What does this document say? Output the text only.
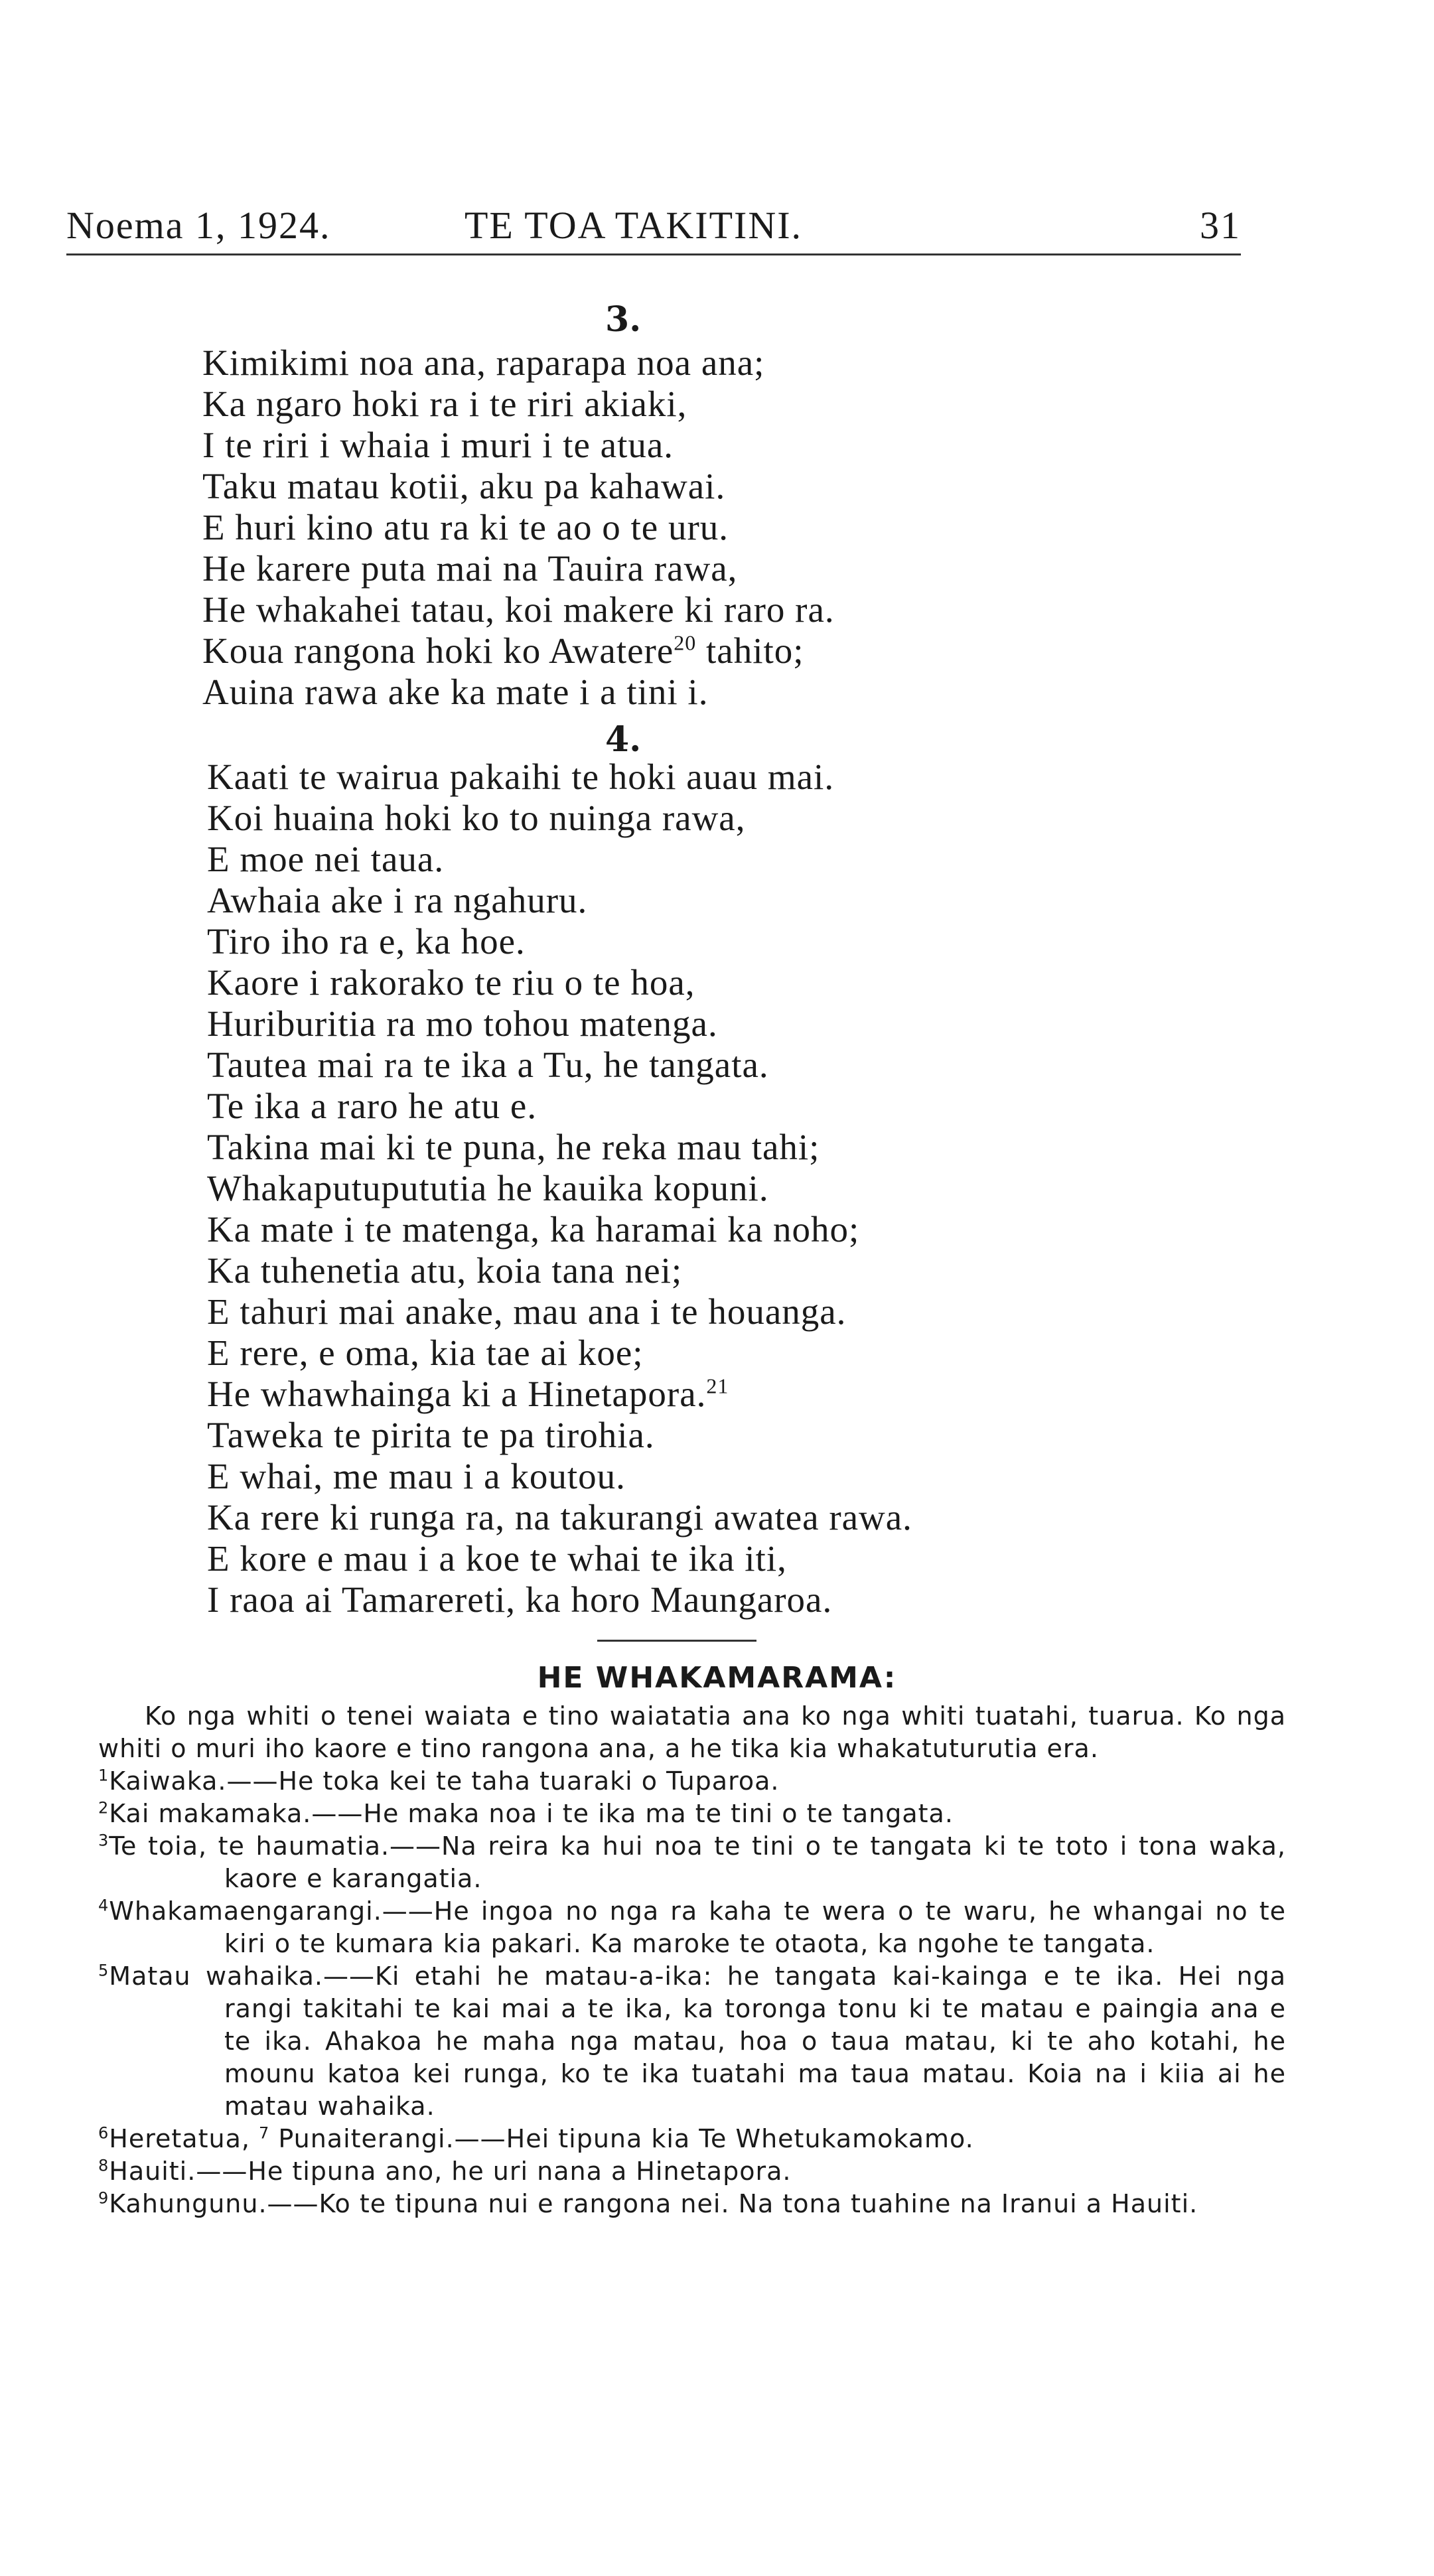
Noema 1, 1924.	TE TOA TAKITINI.	31
3.
Kimikimi noa ana, raparapa noa ana;
Ka ngaro hoki ra i te riri akiaki,
I te riri i whaia i muri i te atua.
Taku matau kotii, aku pa kahawai.
E huri kino atu ra ki te ao o te uru.
He karere puta mai na Tauira rawa,
He whakahei tatau, koi makere ki raro ra.
Koua rangona hoki ko Awatere$^{20}$ tahito;
Auina rawa ake ka mate i a tini i.
4.
Kaati te wairua pakaihi te hoki auau mai.
Koi huaina hoki ko to nuinga rawa,
E moe nei taua.
Awhaia ake i ra ngahuru.
Tiro iho ra e, ka hoe.
Kaore i rakorako te riu o te hoa,
Huriburitia ra mo tohou matenga.
Tautea mai ra te ika a Tu, he tangata.
Te ika a raro he atu e.
Takina mai ki te puna, he reka mau tahi;
Whakaputupututia he kauika kopuni.
Ka mate i te matenga, ka haramai ka noho;
Ka tuhenetia atu, koia tana nei;
E tahuri mai anake, mau ana i te houanga.
E rere, e oma, kia tae ai koe;
He whawhainga ki a Hinetapora.$^{21}$
Taweka te pirita te pa tirohia.
E whai, me mau i a koutou.
Ka rere ki runga ra, na takurangi awatea rawa.
E kore e mau i a koe te whai te ika iti,
I raoa ai Tamarereti, ka horo Maungaroa.
HE WHAKAMARAMA:

Ko nga whiti o tenei waiata e tino waiatatia ana ko nga whiti tuatahi, tuarua. Ko nga whiti o muri iho kaore e tino rangona ana, a he tika kia whakatuturutia era.

$^1$Kaiwaka.——He toka kei te taha tuaraki o Tuparoa.

$^2$Kai makamaka.——He maka noa i te ika ma te tini o te tangata.

$^3$Te toia, te haumatia.——Na reira ka hui noa te tini o te tangata ki te toto i tona waka, kaore e karangatia.

$^4$Whakamaengarangi.——He ingoa no nga ra kaha te wera o te waru, he whangai no te kiri o te kumara kia pakari. Ka maroke te otaota, ka ngohe te tangata.

$^5$Matau wahaika.——Ki etahi he matau-a-ika: he tangata kai-kainga e te ika. Hei nga rangi takitahi te kai mai a te ika, ka toronga tonu ki te matau e paingia ana e te ika. Ahakoa he maha nga matau, hoa o taua matau, ki te aho kotahi, he mounu katoa kei runga, ko te ika tuatahi ma taua matau. Koia na i kiia ai he matau wahaika.

$^6$Heretatua, $^7$ Punaiterangi.——Hei tipuna kia Te Whetukamokamo.

$^8$Hauiti.——He tipuna ano, he uri nana a Hinetapora.

$^9$Kahungunu.——Ko te tipuna nui e rangona nei. Na tona tuahine na Iranui a Hauiti.
